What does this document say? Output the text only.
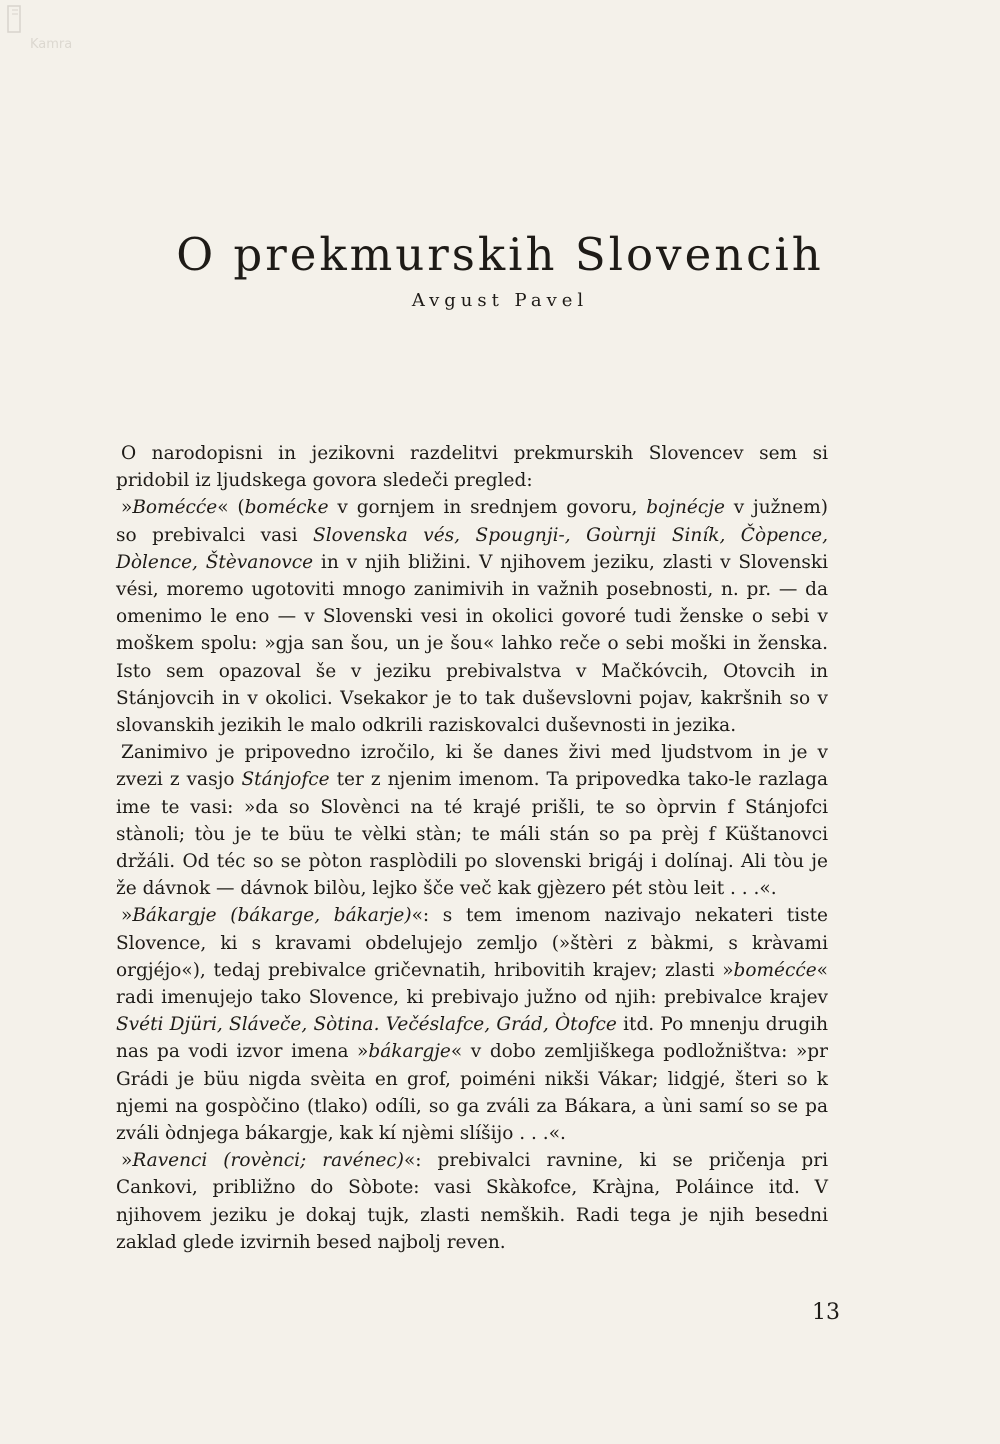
Kamra
O prekmurskih Slovencih
Avgust Pavel

O narodopisni in jezikovni razdelitvi prekmurskih Slovencev sem si pridobil iz ljudskega govora sledeči pregled:

»Bomécće« (bomécke v gornjem in srednjem govoru, bojnécje v južnem) so prebivalci vasi Slovenska vés, Spougnji-, Goùrnji Siník, Čòpence, Dòlence, Štèvanovce in v njih bližini. V njihovem jeziku, zlasti v Slovenski vési, moremo ugotoviti mnogo zanimivih in važnih posebnosti, n. pr. — da omenimo le eno — v Slovenski vesi in okolici govoré tudi ženske o sebi v moškem spolu: »gja san šou, un je šou« lahko reče o sebi moški in ženska. Isto sem opazoval še v jeziku prebivalstva v Mačkóvcih, Otovcih in Stánjovcih in v okolici. Vsekakor je to tak duševslovni pojav, kakršnih so v slovanskih jezikih le malo odkrili raziskovalci duševnosti in jezika.

Zanimivo je pripovedno izročilo, ki še danes živi med ljudstvom in je v zvezi z vasjo Stánjofce ter z njenim imenom. Ta pripovedka tako-le razlaga ime te vasi: »da so Slovènci na té krajé prišli, te so òprvin f Stánjofci stànoli; tòu je te büu te vèlki stàn; te máli stán so pa prèj f Küštanovci držáli. Od téc so se pòton rasplòdili po slovenski brigáj i dolínaj. Ali tòu je že dávnok — dávnok bilòu, lejko šče več kak gjèzero pét stòu leit . . .«.

»Bákargje (bákarge, bákarje)«: s tem imenom nazivajo nekateri tiste Slovence, ki s kravami obdelujejo zemljo (»štèri z bàkmi, s kràvami orgjéjo«), tedaj prebivalce gričevnatih, hribovitih krajev; zlasti »bomécće« radi imenujejo tako Slovence, ki prebivajo južno od njih: prebivalce krajev Svéti Djüri, Sláveče, Sòtina. Večéslafce, Grád, Òtofce itd. Po mnenju drugih nas pa vodi izvor imena »bákargje« v dobo zemljiškega podložništva: »pr Grádi je büu nigda svèita en grof, poiméni nikši Vákar; lidgjé, šteri so k njemi na gospòčino (tlako) odíli, so ga zváli za Bákara, a ùni samí so se pa zváli òdnjega bákargje, kak kí njèmi slíšijo . . .«.

»Ravenci (rovènci; ravénec)«: prebivalci ravnine, ki se pričenja pri Cankovi, približno do Sòbote: vasi Skàkofce, Kràjna, Poláince itd. V njihovem jeziku je dokaj tujk, zlasti nemških. Radi tega je njih besedni zaklad glede izvirnih besed najbolj reven.

13
